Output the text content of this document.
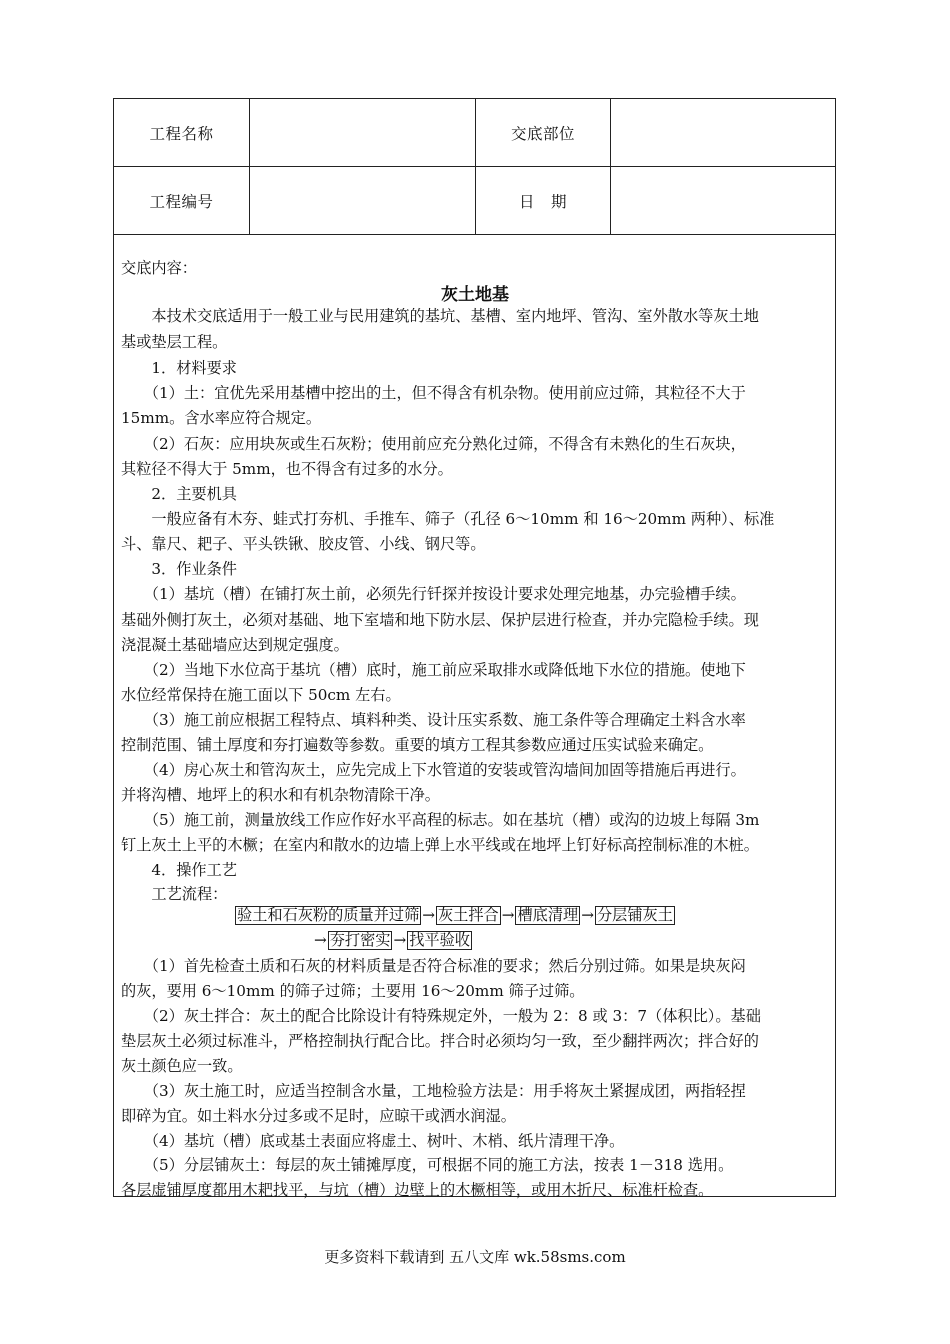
工程名称	交底部位
工程编号	日　期
交底内容：
灰土地基
　　本技术交底适用于一般工业与民用建筑的基坑、基槽、室内地坪、管沟、室外散水等灰土地
基或垫层工程。
　　1．材料要求
　　（1）土：宜优先采用基槽中挖出的土，但不得含有机杂物。使用前应过筛，其粒径不大于
15mm。含水率应符合规定。
　　（2）石灰：应用块灰或生石灰粉；使用前应充分熟化过筛，不得含有未熟化的生石灰块，
其粒径不得大于 5mm，也不得含有过多的水分。
　　2．主要机具
　　一般应备有木夯、蛙式打夯机、手推车、筛子（孔径 6～10mm 和 16～20mm 两种）、标准
斗、靠尺、耙子、平头铁锹、胶皮管、小线、钢尺等。
　　3．作业条件
　　（1）基坑（槽）在铺打灰土前，必须先行钎探并按设计要求处理完地基，办完验槽手续。
基础外侧打灰土，必须对基础、地下室墙和地下防水层、保护层进行检查，并办完隐检手续。现
浇混凝土基础墙应达到规定强度。
　　（2）当地下水位高于基坑（槽）底时，施工前应采取排水或降低地下水位的措施。使地下
水位经常保持在施工面以下 50cm 左右。
　　（3）施工前应根据工程特点、填料种类、设计压实系数、施工条件等合理确定土料含水率
控制范围、铺土厚度和夯打遍数等参数。重要的填方工程其参数应通过压实试验来确定。
　　（4）房心灰土和管沟灰土，应先完成上下水管道的安装或管沟墙间加固等措施后再进行。
并将沟槽、地坪上的积水和有机杂物清除干净。
　　（5）施工前，测量放线工作应作好水平高程的标志。如在基坑（槽）或沟的边坡上每隔 3m
钉上灰土上平的木橛；在室内和散水的边墙上弹上水平线或在地坪上钉好标高控制标准的木桩。
　　4．操作工艺
　　工艺流程：
验土和石灰粉的质量并过筛 → 灰土拌合 → 槽底清理 → 分层铺灰土
→ 夯打密实 → 找平验收
　　（1）首先检查土质和石灰的材料质量是否符合标准的要求；然后分别过筛。如果是块灰闷
的灰，要用 6～10mm 的筛子过筛；土要用 16～20mm 筛子过筛。
　　（2）灰土拌合：灰土的配合比除设计有特殊规定外，一般为 2：8 或 3：7（体积比）。基础
垫层灰土必须过标准斗，严格控制执行配合比。拌合时必须均匀一致，至少翻拌两次；拌合好的
灰土颜色应一致。
　　（3）灰土施工时，应适当控制含水量，工地检验方法是：用手将灰土紧握成团，两指轻捏
即碎为宜。如土料水分过多或不足时，应晾干或洒水润湿。
　　（4）基坑（槽）底或基土表面应将虚土、树叶、木梢、纸片清理干净。
　　（5）分层铺灰土：每层的灰土铺摊厚度，可根据不同的施工方法，按表 1－318 选用。
各层虚铺厚度都用木耙找平，与坑（槽）边壁上的木橛相等，或用木折尺、标准杆检查。
更多资料下载请到 五八文库 wk.58sms.com
